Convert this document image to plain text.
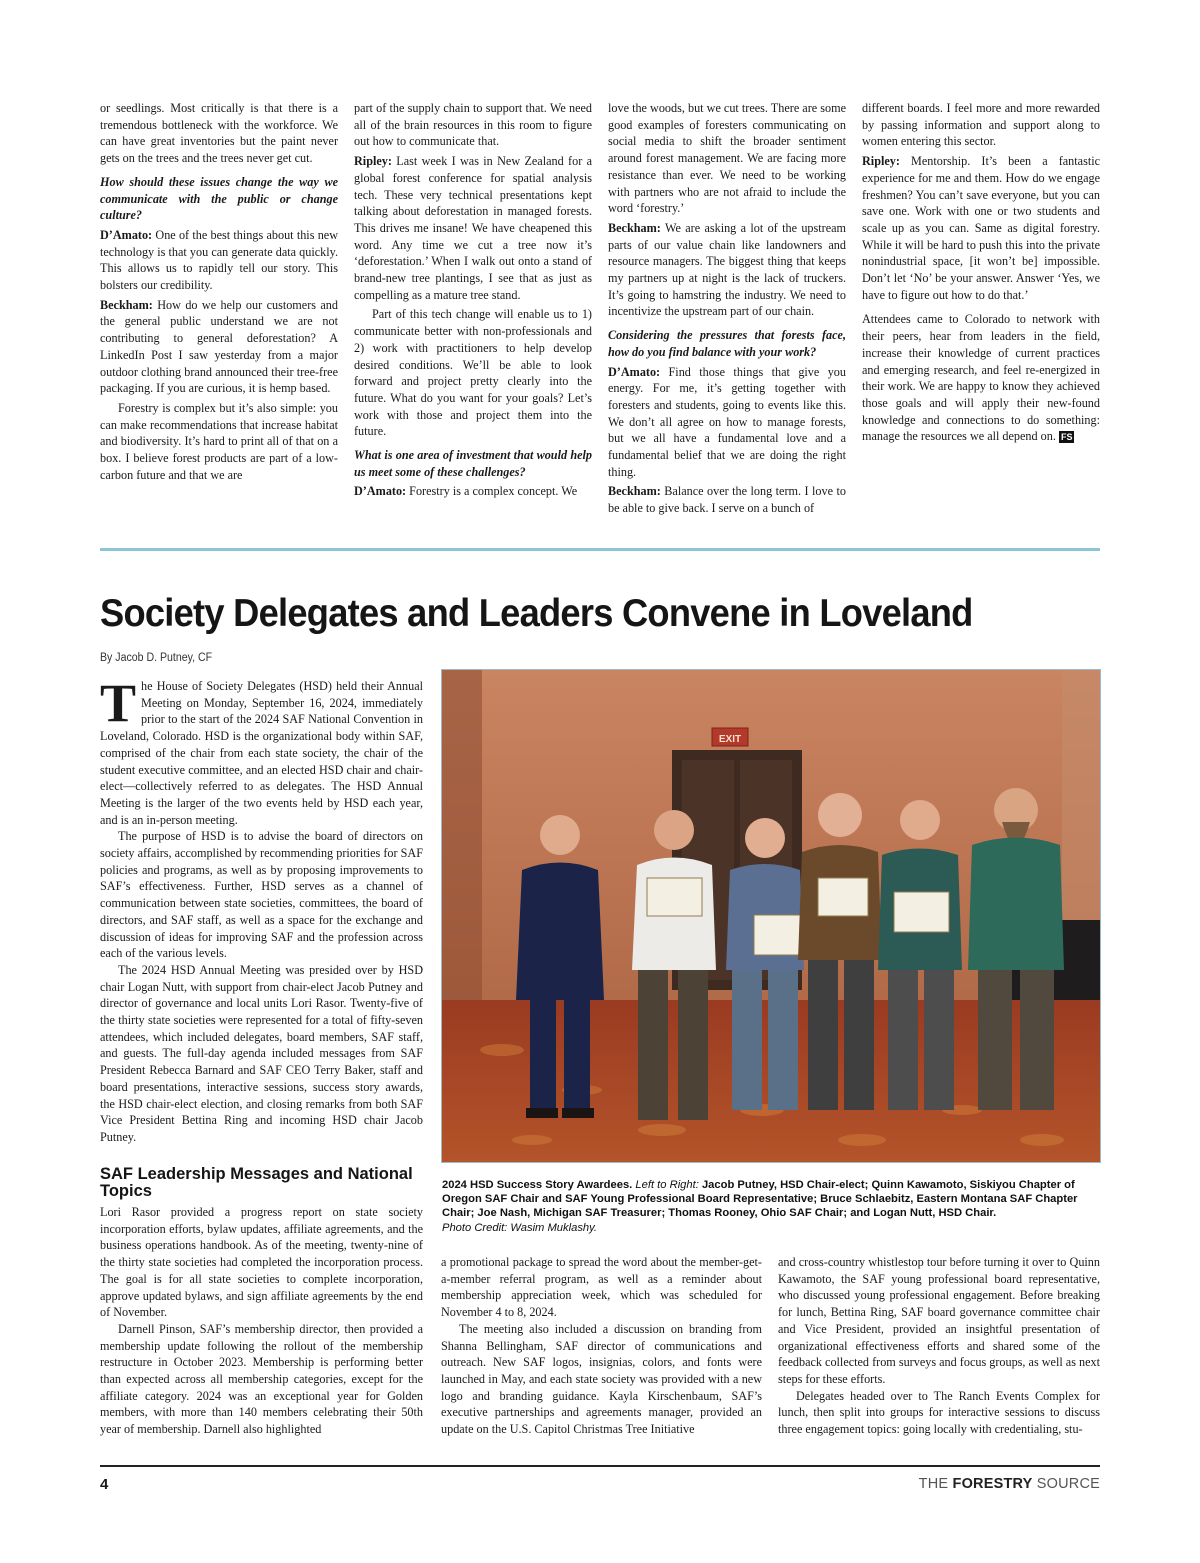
or seedlings. Most critically is that there is a tremendous bottleneck with the workforce. We can have great inventories but the paint never gets on the trees and the trees never get cut.

How should these issues change the way we communicate with the public or change culture?

D’Amato: One of the best things about this new technology is that you can generate data quickly. This allows us to rapidly tell our story. This bolsters our credibility.

Beckham: How do we help our customers and the general public understand we are not contributing to general deforestation? A LinkedIn Post I saw yesterday from a major outdoor clothing brand announced their tree-free packaging. If you are curious, it is hemp based.

Forestry is complex but it’s also simple: you can make recommendations that increase habitat and biodiversity. It’s hard to print all of that on a box. I believe forest products are part of a low-carbon future and that we are

part of the supply chain to support that. We need all of the brain resources in this room to figure out how to communicate that.

Ripley: Last week I was in New Zealand for a global forest conference for spatial analysis tech. These very technical presentations kept talking about deforestation in managed forests. This drives me insane! We have cheapened this word. Any time we cut a tree now it’s ‘deforestation.’ When I walk out onto a stand of brand-new tree plantings, I see that as just as compelling as a mature tree stand.

Part of this tech change will enable us to 1) communicate better with non-professionals and 2) work with practitioners to help develop desired conditions. We’ll be able to look forward and project pretty clearly into the future. What do you want for your goals? Let’s work with those and project them into the future.

What is one area of investment that would help us meet some of these challenges?

D’Amato: Forestry is a complex concept. We

love the woods, but we cut trees. There are some good examples of foresters communicating on social media to shift the broader sentiment around forest management. We are facing more resistance than ever. We need to be working with partners who are not afraid to include the word ‘forestry.’

Beckham: We are asking a lot of the upstream parts of our value chain like landowners and resource managers. The biggest thing that keeps my partners up at night is the lack of truckers. It’s going to hamstring the industry. We need to incentivize the upstream part of our chain.

Considering the pressures that forests face, how do you find balance with your work?

D’Amato: Find those things that give you energy. For me, it’s getting together with foresters and students, going to events like this. We don’t all agree on how to manage forests, but we all have a fundamental love and a fundamental belief that we are doing the right thing.

Beckham: Balance over the long term. I love to be able to give back. I serve on a bunch of

different boards. I feel more and more rewarded by passing information and support along to women entering this sector.

Ripley: Mentorship. It’s been a fantastic experience for me and them. How do we engage freshmen? You can’t save everyone, but you can save one. Work with one or two students and scale up as you can. Same as digital forestry. While it will be hard to push this into the private nonindustrial space, [it won’t be] impossible. Don’t let ‘No’ be your answer. Answer ‘Yes, we have to figure out how to do that.’

Attendees came to Colorado to network with their peers, hear from leaders in the field, increase their knowledge of current practices and emerging research, and feel re-energized in their work. We are happy to know they achieved those goals and will apply their new-found knowledge and connections to do something: manage the resources we all depend on. FS

Society Delegates and Leaders Convene in Loveland
By Jacob D. Putney, CF

The House of Society Delegates (HSD) held their Annual Meeting on Monday, September 16, 2024, immediately prior to the start of the 2024 SAF National Convention in Loveland, Colorado. HSD is the organizational body within SAF, comprised of the chair from each state society, the chair of the student executive committee, and an elected HSD chair and chair-elect—collectively referred to as delegates. The HSD Annual Meeting is the larger of the two events held by HSD each year, and is an in-person meeting.

The purpose of HSD is to advise the board of directors on society affairs, accomplished by recommending priorities for SAF policies and programs, as well as by proposing improvements to SAF’s effectiveness. Further, HSD serves as a channel of communication between state societies, committees, the board of directors, and SAF staff, as well as a space for the exchange and discussion of ideas for improving SAF and the profession across each of the various levels.

The 2024 HSD Annual Meeting was presided over by HSD chair Logan Nutt, with support from chair-elect Jacob Putney and director of governance and local units Lori Rasor. Twenty-five of the thirty state societies were represented for a total of fifty-seven attendees, which included delegates, board members, SAF staff, and guests. The full-day agenda included messages from SAF President Rebecca Barnard and SAF CEO Terry Baker, staff and board presentations, interactive sessions, success story awards, the HSD chair-elect election, and closing remarks from both SAF Vice President Bettina Ring and incoming HSD chair Jacob Putney.

EXIT
2024 HSD Success Story Awardees. Left to Right: Jacob Putney, HSD Chair-elect; Quinn Kawamoto, Siskiyou Chapter of Oregon SAF Chair and SAF Young Professional Board Representative; Bruce Schlaebitz, Eastern Montana SAF Chapter Chair; Joe Nash, Michigan SAF Treasurer; Thomas Rooney, Ohio SAF Chair; and Logan Nutt, HSD Chair.
Photo Credit: Wasim Muklashy.
SAF Leadership Messages and National Topics

Lori Rasor provided a progress report on state society incorporation efforts, bylaw updates, affiliate agreements, and the business operations handbook. As of the meeting, twenty-nine of the thirty state societies had completed the incorporation process. The goal is for all state societies to complete incorporation, approve updated bylaws, and sign affiliate agreements by the end of November.

Darnell Pinson, SAF’s membership director, then provided a membership update following the rollout of the membership restructure in October 2023. Membership is performing better than expected across all membership categories, except for the affiliate category. 2024 was an exceptional year for Golden members, with more than 140 members celebrating their 50th year of membership. Darnell also highlighted

a promotional package to spread the word about the member-get-a-member referral program, as well as a reminder about membership appreciation week, which was scheduled for November 4 to 8, 2024.

The meeting also included a discussion on branding from Shanna Bellingham, SAF director of communications and outreach. New SAF logos, insignias, colors, and fonts were launched in May, and each state society was provided with a new logo and branding guidance. Kayla Kirschenbaum, SAF’s executive partnerships and agreements manager, provided an update on the U.S. Capitol Christmas Tree Initiative

and cross-country whistlestop tour before turning it over to Quinn Kawamoto, the SAF young professional board representative, who discussed young professional engagement. Before breaking for lunch, Bettina Ring, SAF board governance committee chair and Vice President, provided an insightful presentation of organizational effectiveness efforts and shared some of the feedback collected from surveys and focus groups, as well as next steps for these efforts.

Delegates headed over to The Ranch Events Complex for lunch, then split into groups for interactive sessions to discuss three engagement topics: going locally with credentialing, stu-

4	THE FORESTRY SOURCE
